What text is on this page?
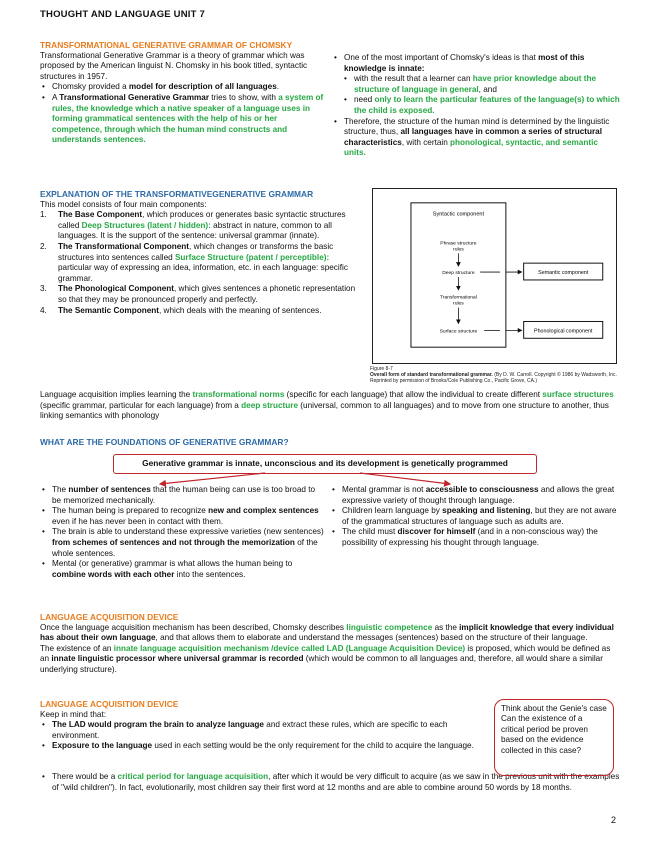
THOUGHT AND LANGUAGE UNIT 7
TRANSFORMATIONAL GENERATIVE GRAMMAR OF CHOMSKY

Transformational Generative Grammar is a theory of grammar which was proposed by the American linguist N. Chomsky in his book titled, syntactic structures in 1957.

• Chomsky provided a model for description of all languages.
• A Transformational Generative Grammar tries to show, with a system of rules, the knowledge which a native speaker of a language uses in forming grammatical sentences with the help of his or her competence, through which the human mind constructs and understands sentences.
• One of the most important of Chomsky's ideas is that most of this knowledge is innate:
• with the result that a learner can have prior knowledge about the structure of language in general, and
• need only to learn the particular features of the language(s) to which the child is exposed.
• Therefore, the structure of the human mind is determined by the linguistic structure, thus, all languages have in common a series of structural characteristics, with certain phonological, syntactic, and semantic units.
EXPLANATION OF THE TRANSFORMATIVEGENERATIVE GRAMMAR

This model consists of four main components:

1. The Base Component, which produces or generates basic syntactic structures called Deep Structures (latent / hidden): abstract in nature, common to all languages. It is the support of the sentence: universal grammar (innate).
2. The Transformational Component, which changes or transforms the basic structures into sentences called Surface Structure (patent / perceptible): particular way of expressing an idea, information, etc. in each language: specific grammar.
3. The Phonological Component, which gives sentences a phonetic representation so that they may be pronounced properly and perfectly.
4. The Semantic Component, which deals with the meaning of sentences.
Syntactic component
Phrase structure
rules
Deep structure
Transformational
rules
Surface structure
Semantic component
Phonological component
Figure 8-7
Overall form of standard transformational grammar. (By D. W. Carroll. Copyright © 1986 by Wadsworth, Inc. Reprinted by permission of Brooks/Cole Publishing Co., Pacific Grove, CA.)

Language acquisition implies learning the transformational norms (specific for each language) that allow the individual to create different surface structures (specific grammar, particular for each language) from a deep structure (universal, common to all languages) and to move from one structure to another, thus linking semantics with phonology

WHAT ARE THE FOUNDATIONS OF GENERATIVE GRAMMAR?
Generative grammar is innate, unconscious and its development is genetically programmed
• The number of sentences that the human being can use is too broad to be memorized mechanically.
• The human being is prepared to recognize new and complex sentences even if he has never been in contact with them.
• The brain is able to understand these expressive varieties (new sentences) from schemes of sentences and not through the memorization of the whole sentences.
• Mental (or generative) grammar is what allows the human being to combine words with each other into the sentences.
• Mental grammar is not accessible to consciousness and allows the great expressive variety of thought through language.
• Children learn language by speaking and listening, but they are not aware of the grammatical structures of language such as adults are.
• The child must discover for himself (and in a non-conscious way) the possibility of expressing his thought through language.
LANGUAGE ACQUISITION DEVICE

Once the language acquisition mechanism has been described, Chomsky describes linguistic competence as the implicit knowledge that every individual has about their own language, and that allows them to elaborate and understand the messages (sentences) based on the structure of their language.

The existence of an innate language acquisition mechanism /device called LAD (Language Acquisition Device) is proposed, which would be defined as an innate linguistic processor where universal grammar is recorded (which would be common to all languages and, therefore, all would share a similar underlying structure).

LANGUAGE ACQUISITION DEVICE

Keep in mind that:

• The LAD would program the brain to analyze language and extract these rules, which are specific to each environment.
• Exposure to the language used in each setting would be the only requirement for the child to acquire the language.
• There would be a critical period for language acquisition, after which it would be very difficult to acquire (as we saw in the previous unit with the examples of "wild children"). In fact, evolutionarily, most children say their first word at 12 months and are able to combine around 50 words by 18 months.
Think about the Genie's case Can the existence of a critical period be proven based on the evidence collected in this case?
2
